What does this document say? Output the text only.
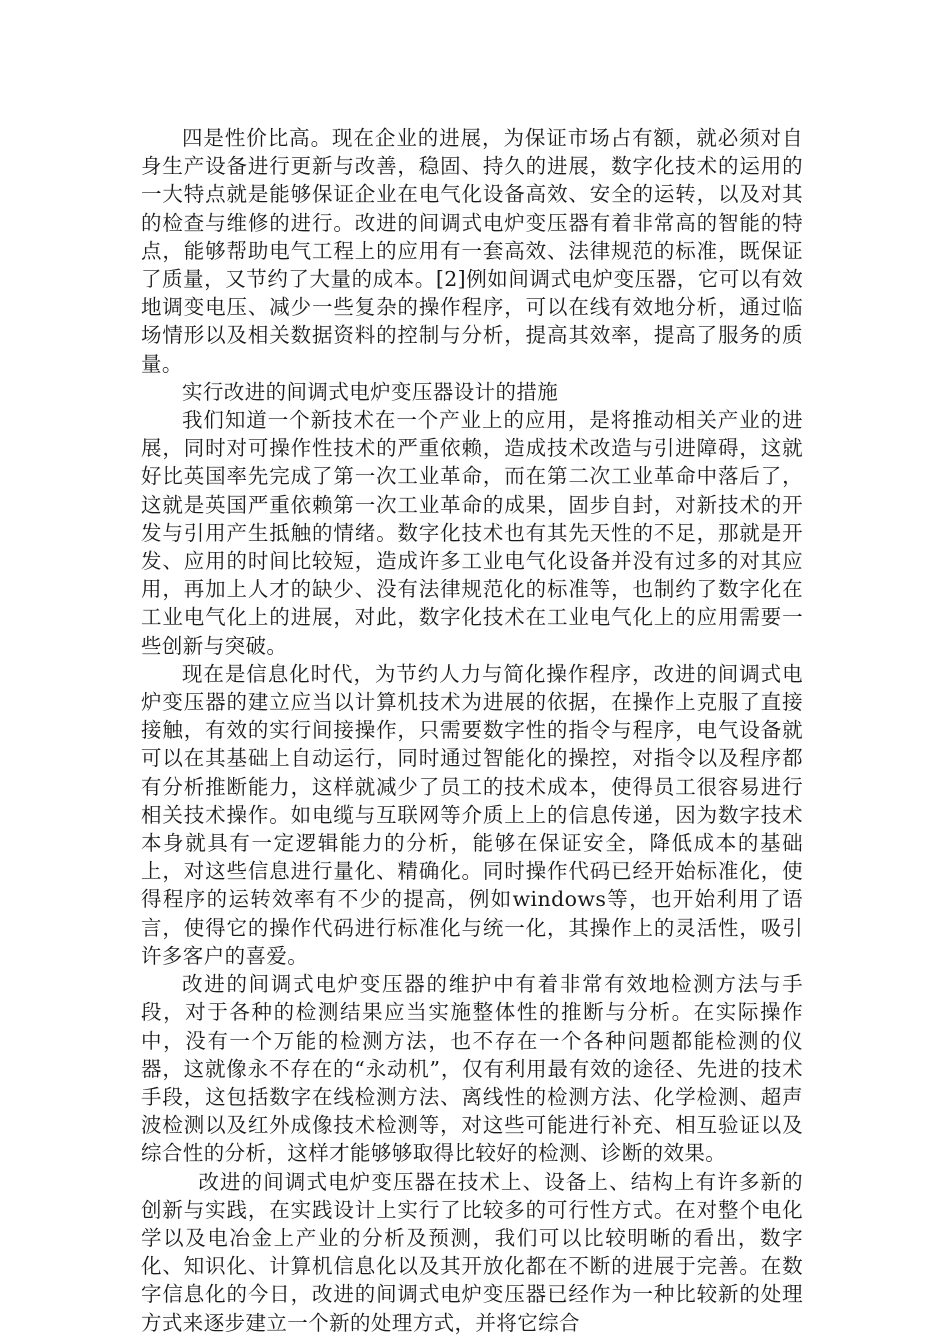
四是性价比高。现在企业的进展，为保证市场占有额，就必须对自身生产设备进行更新与改善，稳固、持久的进展，数字化技术的运用的一大特点就是能够保证企业在电气化设备高效、安全的运转，以及对其的检查与维修的进行。改进的间调式电炉变压器有着非常高的智能的特点，能够帮助电气工程上的应用有一套高效、法律规范的标准，既保证了质量，又节约了大量的成本。[2]例如间调式电炉变压器，它可以有效地调变电压、减少一些复杂的操作程序，可以在线有效地分析，通过临场情形以及相关数据资料的控制与分析，提高其效率，提高了服务的质量。

实行改进的间调式电炉变压器设计的措施

我们知道一个新技术在一个产业上的应用，是将推动相关产业的进展，同时对可操作性技术的严重依赖，造成技术改造与引进障碍，这就好比英国率先完成了第一次工业革命，而在第二次工业革命中落后了，这就是英国严重依赖第一次工业革命的成果，固步自封，对新技术的开发与引用产生抵触的情绪。数字化技术也有其先天性的不足，那就是开发、应用的时间比较短，造成许多工业电气化设备并没有过多的对其应用，再加上人才的缺少、没有法律规范化的标准等，也制约了数字化在工业电气化上的进展，对此，数字化技术在工业电气化上的应用需要一些创新与突破。

现在是信息化时代，为节约人力与简化操作程序，改进的间调式电炉变压器的建立应当以计算机技术为进展的依据，在操作上克服了直接接触，有效的实行间接操作，只需要数字性的指令与程序，电气设备就可以在其基础上自动运行，同时通过智能化的操控，对指令以及程序都有分析推断能力，这样就减少了员工的技术成本，使得员工很容易进行相关技术操作。如电缆与互联网等介质上上的信息传递，因为数字技术本身就具有一定逻辑能力的分析，能够在保证安全，降低成本的基础上，对这些信息进行量化、精确化。同时操作代码已经开始标准化，使得程序的运转效率有不少的提高，例如windows等，也开始利用了语言，使得它的操作代码进行标准化与统一化，其操作上的灵活性，吸引许多客户的喜爱。

改进的间调式电炉变压器的维护中有着非常有效地检测方法与手段，对于各种的检测结果应当实施整体性的推断与分析。在实际操作中，没有一个万能的检测方法，也不存在一个各种问题都能检测的仪器，这就像永不存在的“永动机”，仅有利用最有效的途径、先进的技术手段，这包括数字在线检测方法、离线性的检测方法、化学检测、超声波检测以及红外成像技术检测等，对这些可能进行补充、相互验证以及综合性的分析，这样才能够够取得比较好的检测、诊断的效果。

改进的间调式电炉变压器在技术上、设备上、结构上有许多新的创新与实践，在实践设计上实行了比较多的可行性方式。在对整个电化学以及电冶金上产业的分析及预测，我们可以比较明晰的看出，数字化、知识化、计算机信息化以及其开放化都在不断的进展于完善。在数字信息化的今日，改进的间调式电炉变压器已经作为一种比较新的处理方式来逐步建立一个新的处理方式，并将它综合
